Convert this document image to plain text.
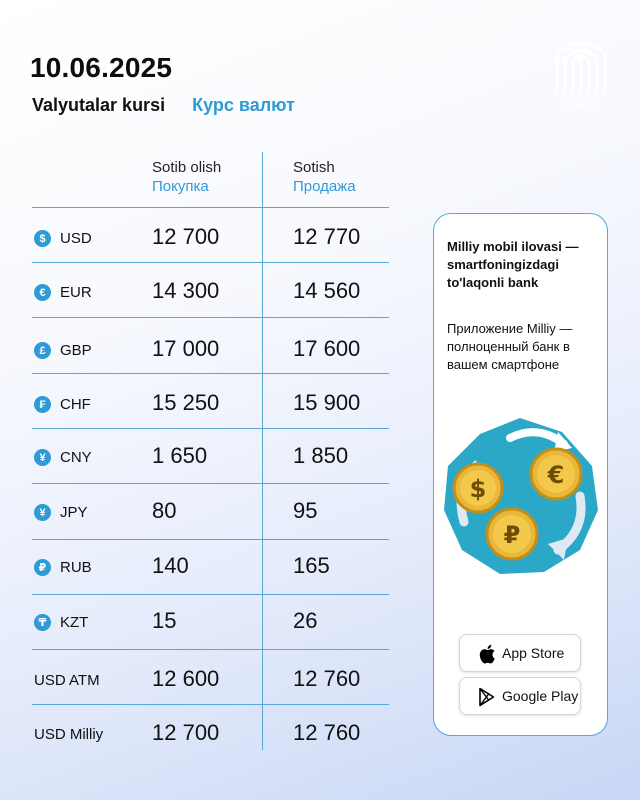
10.06.2025
Valyutalar kursi Курс валют	NBU
Sotib olish
Покупка
Sotish
Продажа
$ USD	12 700	12 770
€ EUR	14 300	14 560
£ GBP	17 000	17 600
₣ CHF	15 250	15 900
¥ CNY	1 650	1 850
¥ JPY	80	95
₽ RUB	140	165
₸ KZT	15	26
USD ATM 12 600	12 760
USD Milliy 12 700	12 760
Milliy mobil ilovasi — smartfoningizdagi to'laqonli bank
Приложение Milliy — полноценный банк в вашем смартфоне
$	€
₽
App Store
Google Play
